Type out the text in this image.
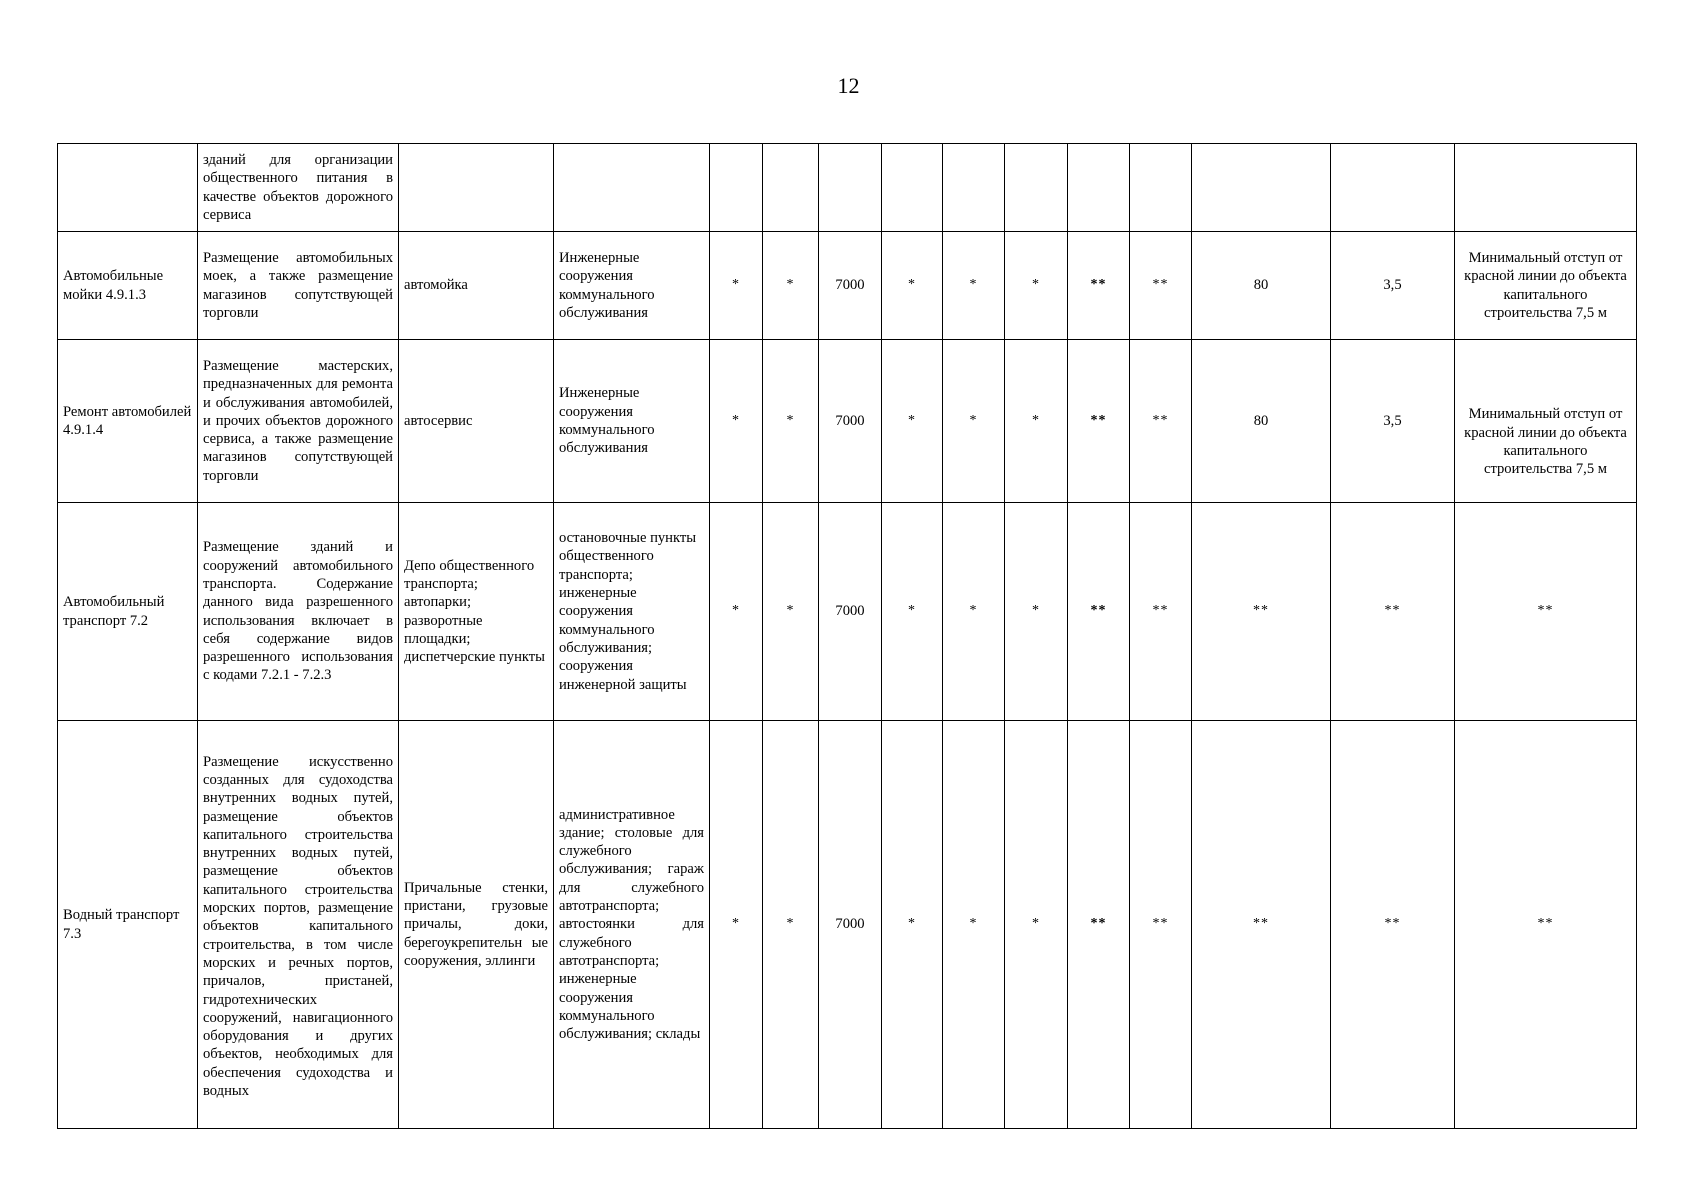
12
	зданий для организации общественного питания в качестве объектов дорожного сервиса													
Автомобильные мойки 4.9.1.3	Размещение автомобильных моек, а также размещение магазинов сопутствующей торговли	автомойка	Инженерные сооружения коммунального обслуживания	*	*	7000	*	*	*	**	**	80	3,5	Минимальный отступ от красной линии до объекта капитального строительства 7,5 м
Ремонт автомобилей 4.9.1.4	Размещение мастерских, предназначенных для ремонта и обслуживания автомобилей, и прочих объектов дорожного сервиса, а также размещение магазинов сопутствующей торговли	автосервис	Инженерные сооружения коммунального обслуживания	*	*	7000	*	*	*	**	**	80	3,5	Минимальный отступ от красной линии до объекта капитального строительства 7,5 м
Автомобильный транспорт 7.2	Размещение зданий и сооружений автомобильного транспорта. Содержание данного вида разрешенного использования включает в себя содержание видов разрешенного использования с кодами 7.2.1 - 7.2.3	Депо общественного транспорта; автопарки; разворотные площадки; диспетчерские пункты	остановочные пункты общественного транспорта; инженерные сооружения коммунального обслуживания; сооружения инженерной защиты	*	*	7000	*	*	*	**	**	**	**	**
Водный транспорт 7.3	Размещение искусственно созданных для судоходства внутренних водных путей, размещение объектов капитального строительства внутренних водных путей, размещение объектов капитального строительства морских портов, размещение объектов капитального строительства, в том числе морских и речных портов, причалов, пристаней, гидротехнических сооружений, навигационного оборудования и других объектов, необходимых для обеспечения судоходства и водных	Причальные стенки, пристани, грузовые причалы, доки, берегоукрепительн ые сооружения, эллинги	административное здание; столовые для служебного обслуживания; гараж для служебного автотранспорта; автостоянки для служебного автотранспорта; инженерные сооружения коммунального обслуживания; склады	*	*	7000	*	*	*	**	**	**	**	**
